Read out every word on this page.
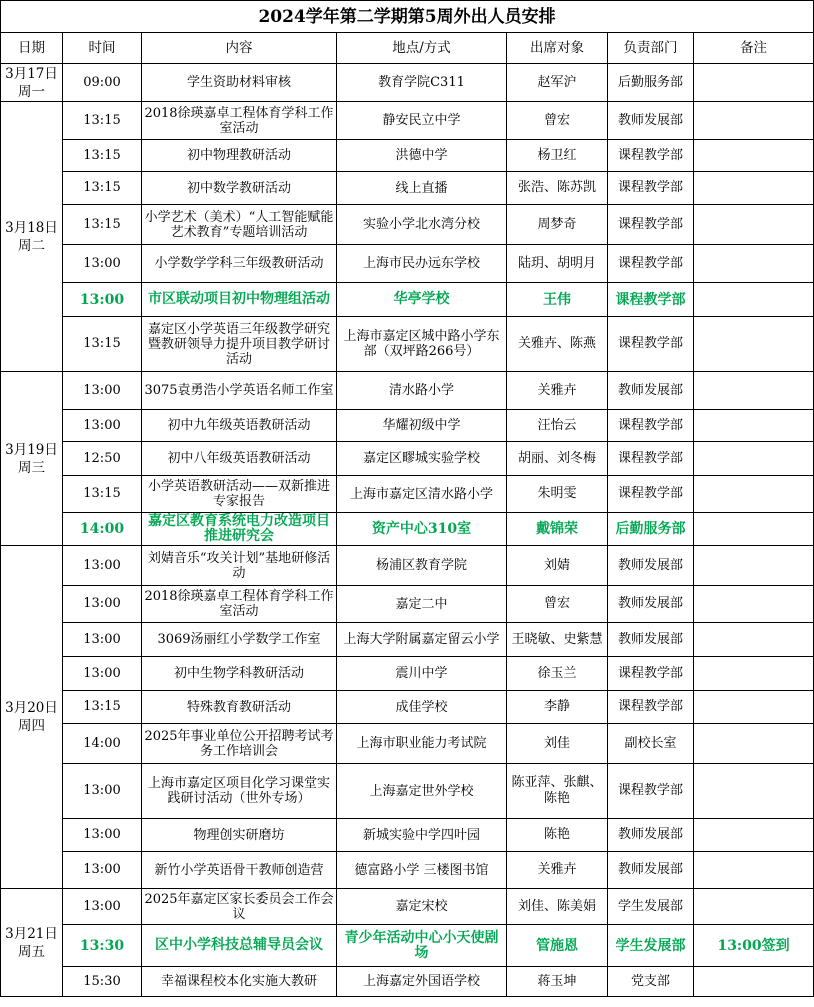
2024学年第二学期第5周外出人员安排						
日期	时间	内容	地点/方式	出席对象	负责部门	备注

3月17日
周一	09:00	学生资助材料审核	教育学院C311	赵军沪	后勤服务部	

3月18日
周二	13:15	2018徐瑛嘉卓工程体育学科工作室活动	静安民立中学	曾宏	教师发展部	
	13:15	初中物理教研活动	洪德中学	杨卫红	课程教学部	
	13:15	初中数学教研活动	线上直播	张浩、陈苏凯	课程教学部	
	13:15	小学艺术（美术）“人工智能赋能艺术教育”专题培训活动	实验小学北水湾分校	周梦奇	课程教学部	
	13:00	小学数学学科三年级教研活动	上海市民办远东学校	陆玥、胡明月	课程教学部	
	13:00	市区联动项目初中物理组活动	华亭学校	王伟	课程教学部	
	13:15	嘉定区小学英语三年级教学研究暨教研领导力提升项目教学研讨活动	上海市嘉定区城中路小学东部（双坪路266号）	关雅卉、陈燕	课程教学部	

3月19日
周三	13:00	3075袁勇浩小学英语名师工作室	清水路小学	关雅卉	教师发展部	
	13:00	初中九年级英语教研活动	华耀初级中学	汪怡云	课程教学部	
	12:50	初中八年级英语教研活动	嘉定区疁城实验学校	胡丽、刘冬梅	课程教学部	
	13:15	小学英语教研活动——双新推进 专家报告	上海市嘉定区清水路小学	朱明雯	课程教学部	
	14:00	嘉定区教育系统电力改造项目推进研究会	资产中心310室	戴锦荣	后勤服务部	

3月20日
周四	13:00	刘婧音乐“攻关计划”基地研修活动	杨浦区教育学院	刘婧	教师发展部	
	13:00	2018徐瑛嘉卓工程体育学科工作室活动	嘉定二中	曾宏	教师发展部	
	13:00	3069汤丽红小学数学工作室	上海大学附属嘉定留云小学	王晓敏、史紫慧	教师发展部	
	13:00	初中生物学科教研活动	震川中学	徐玉兰	课程教学部	
	13:15	特殊教育教研活动	成佳学校	李静	课程教学部	
	14:00	2025年事业单位公开招聘考试考务工作培训会	上海市职业能力考试院	刘佳	副校长室	
	13:00	上海市嘉定区项目化学习课堂实践研讨活动（世外专场）	上海嘉定世外学校	陈亚萍、张麒、陈艳	课程教学部	
	13:00	物理创实研磨坊	新城实验中学四叶园	陈艳	教师发展部	
	13:00	新竹小学英语骨干教师创造营	德富路小学 三楼图书馆	关雅卉	教师发展部	

3月21日
周五	13:00	2025年嘉定区家长委员会工作会议	嘉定宋校	刘佳、陈美娟	学生发展部	
	13:30	区中小学科技总辅导员会议	青少年活动中心小天使剧场	管施恩	学生发展部	13:00签到
	15:30	幸福课程校本化实施大教研	上海嘉定外国语学校	蒋玉坤	党支部	
